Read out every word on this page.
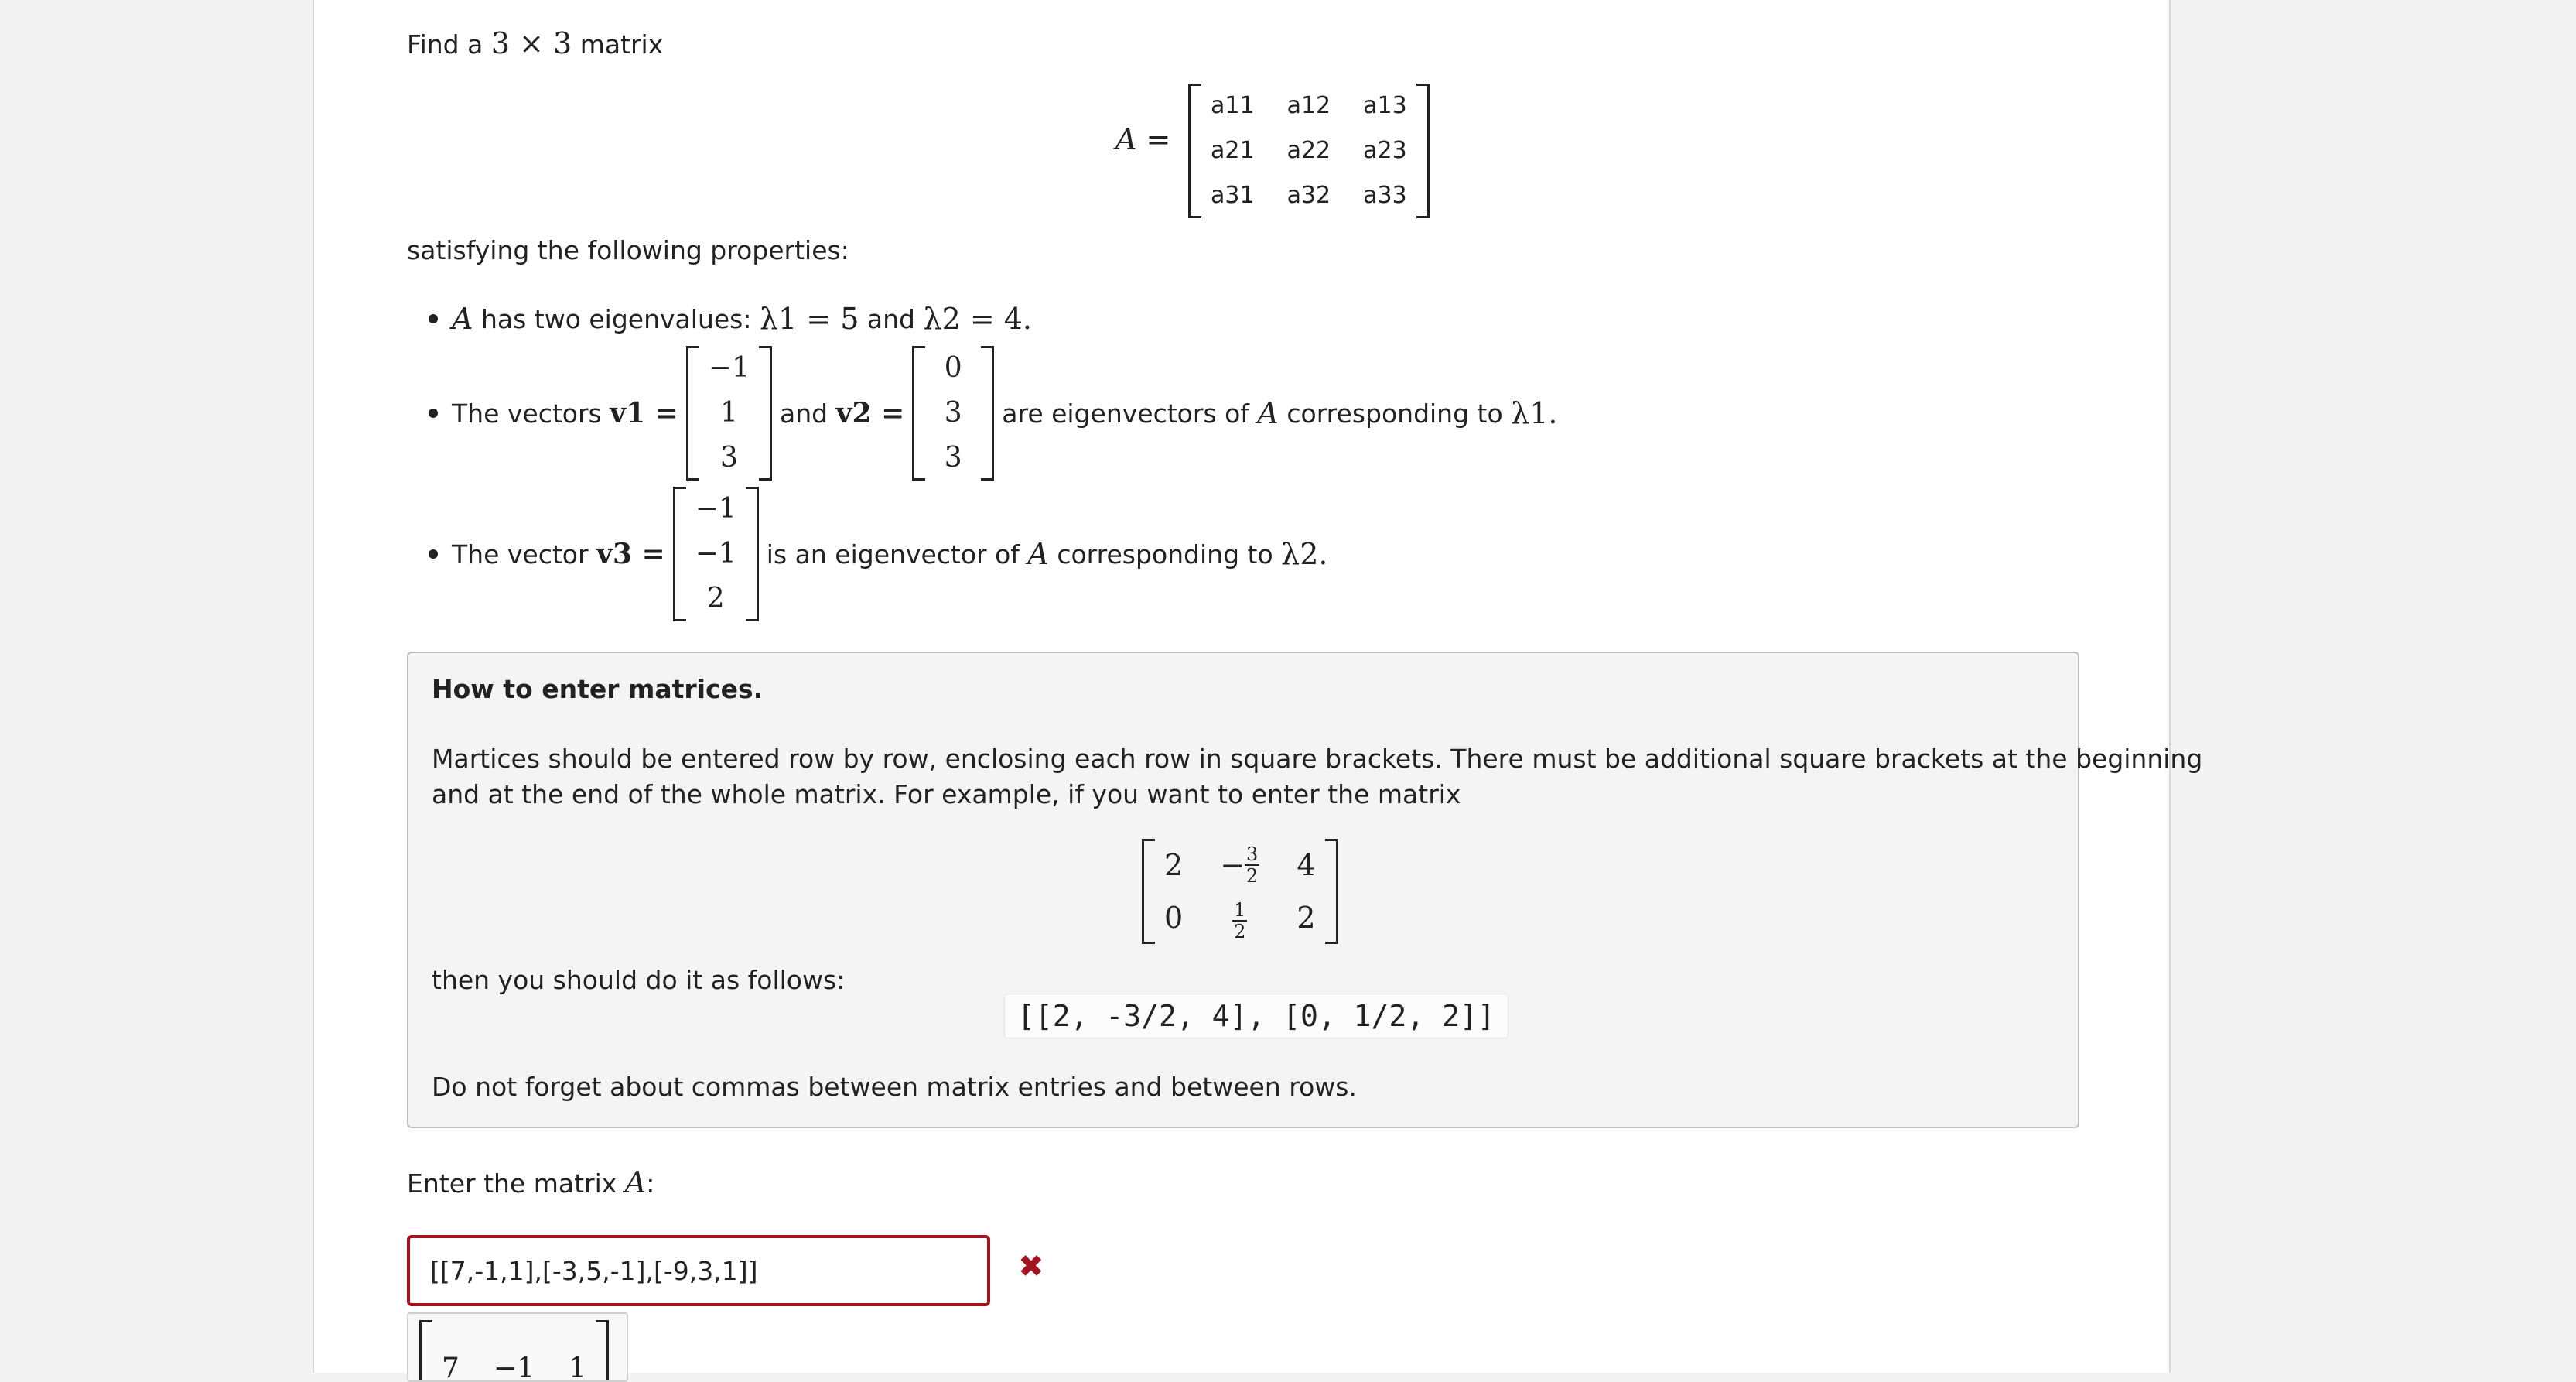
Find a 3 × 3 matrix
A =
a11 a12 a13
a21 a22 a23
a31 a32 a33
satisfying the following properties:
A
has two eigenvalues:
λ1 = 5
and
λ2 = 4.
The vectors
v1 =
−1
1
3
and
v2 =
0
3
3
are eigenvectors of
A
corresponding to
λ1.
The vector
v3 =
−1
−1
2
is an eigenvector of
A
corresponding to
λ2.
How to enter matrices.
Martices should be entered row by row, enclosing each row in square brackets. There must be additional square brackets at the beginning
and at the end of the whole matrix. For example, if you want to enter the matrix
$2 - \frac{3}{2} 4$
0	$\frac{1}{2} 2$
then you should do it as follows:
[[2, -3/2, 4], [0, 1/2, 2]]
Do not forget about commas between matrix entries and between rows.
Enter the matrix A:
[[7,-1,1],[-3,5,-1],[-9,3,1]]	✖
7 −1 1
